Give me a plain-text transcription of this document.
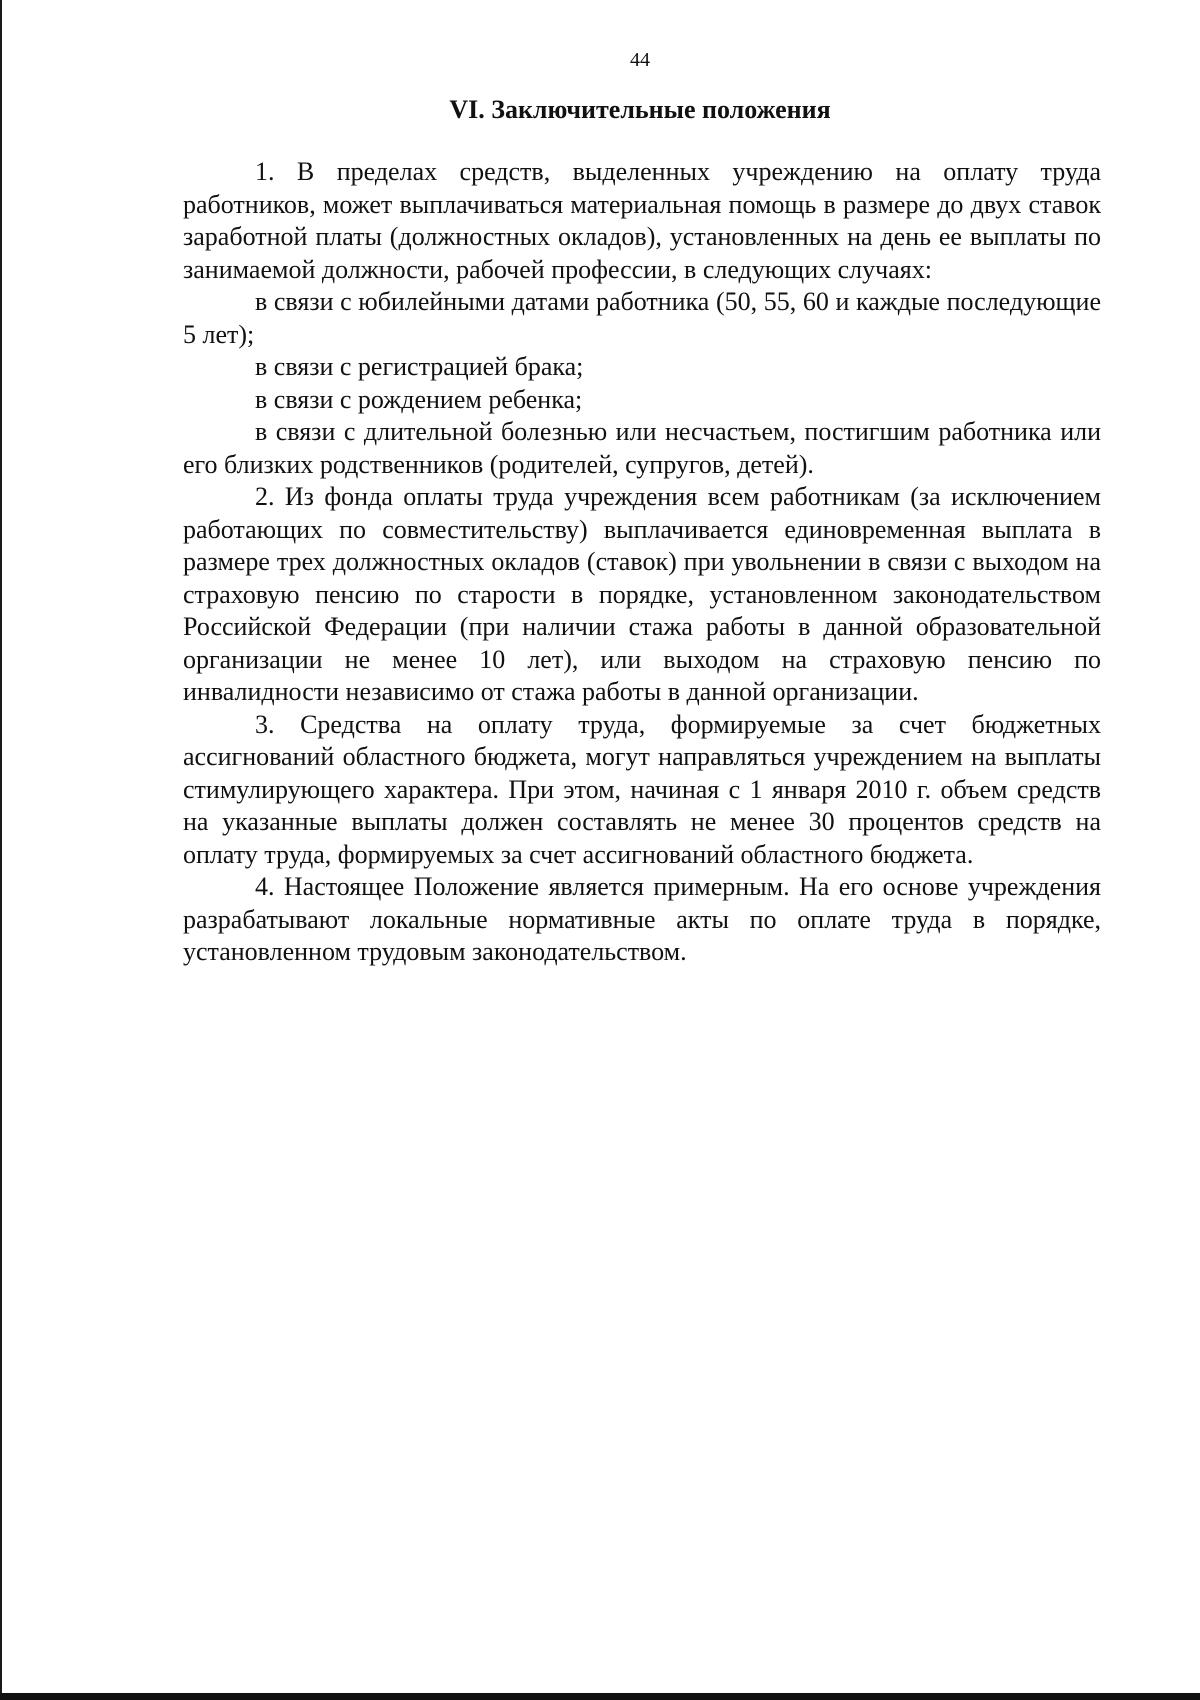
44
VI. Заключительные положения

1. В пределах средств, выделенных учреждению на оплату труда работников, может выплачиваться материальная помощь в размере до двух ставок заработной платы (должностных окладов), установленных на день ее выплаты по занимаемой должности, рабочей профессии, в следующих случаях:

в связи с юбилейными датами работника (50, 55, 60 и каждые последующие 5 лет);

в связи с регистрацией брака;

в связи с рождением ребенка;

в связи с длительной болезнью или несчастьем, постигшим работника или его близких родственников (родителей, супругов, детей).

2. Из фонда оплаты труда учреждения всем работникам (за исключением работающих по совместительству) выплачивается единовременная выплата в размере трех должностных окладов (ставок) при увольнении в связи с выходом на страховую пенсию по старости в порядке, установленном законодательством Российской Федерации (при наличии стажа работы в данной образовательной организации не менее 10 лет), или выходом на страховую пенсию по инвалидности независимо от стажа работы в данной организации.

3. Средства на оплату труда, формируемые за счет бюджетных ассигнований областного бюджета, могут направляться учреждением на выплаты стимулирующего характера. При этом, начиная с 1 января 2010 г. объем средств на указанные выплаты должен составлять не менее 30 процентов средств на оплату труда, формируемых за счет ассигнований областного бюджета.

4. Настоящее Положение является примерным. На его основе учреждения разрабатывают локальные нормативные акты по оплате труда в порядке, установленном трудовым законодательством.
